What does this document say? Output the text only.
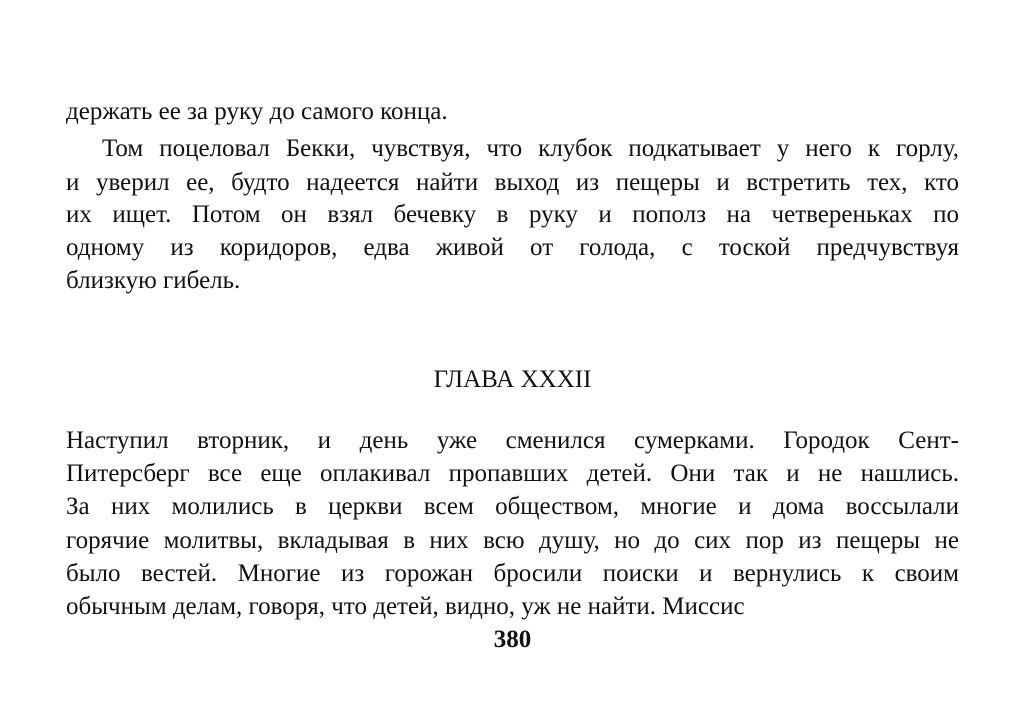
держать ее за руку до самого конца.
Том поцеловал Бекки, чувствуя, что клубок подкатывает у него к горлу,
и уверил ее, будто надеется найти выход из пещеры и встретить тех, кто
их ищет. Потом он взял бечевку в руку и пополз на четвереньках по
одному из коридоров, едва живой от голода, с тоской предчувствуя
близкую гибель.
ГЛАВА XXXII
Наступил вторник, и день уже сменился сумерками. Городок Сент-
Питерсберг все еще оплакивал пропавших детей. Они так и не нашлись.
За них молились в церкви всем обществом, многие и дома воссылали
горячие молитвы, вкладывая в них всю душу, но до сих пор из пещеры не
было вестей. Многие из горожан бросили поиски и вернулись к своим
обычным делам, говоря, что детей, видно, уж не найти. Миссис
380
